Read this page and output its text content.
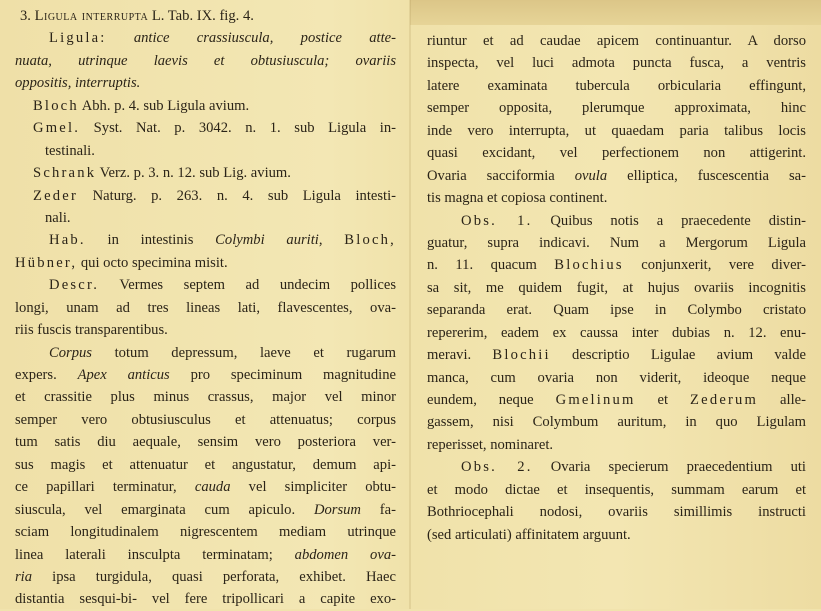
3. Ligula interrupta L. Tab. IX. fig. 4.
Ligula: antice crassiuscula, postice atte-
nuata, utrinque laevis et obtusiuscula; ovariis
oppositis, interruptis.
Bloch Abh. p. 4. sub Ligula avium.
Gmel. Syst. Nat. p. 3042. n. 1. sub Ligula in-
testinali.
Schrank Verz. p. 3. n. 12. sub Lig. avium.
Zeder Naturg. p. 263. n. 4. sub Ligula intesti-
nali.
Hab. in intestinis Colymbi auriti, Bloch,
Hübner, qui octo specimina misit.
Descr. Vermes septem ad undecim pollices
longi, unam ad tres lineas lati, flavescentes, ova-
riis fuscis transparentibus.
Corpus totum depressum, laeve et rugarum
expers. Apex anticus pro speciminum magnitudine
et crassitie plus minus crassus, major vel minor
semper vero obtusiusculus et attenuatus; corpus
tum satis diu aequale, sensim vero posteriora ver-
sus magis et attenuatur et angustatur, demum api-
ce papillari terminatur, cauda vel simpliciter obtu-
siuscula, vel emarginata cum apiculo. Dorsum fa-
sciam longitudinalem nigrescentem mediam utrinque
linea laterali insculpta terminatam; abdomen ova-
ria ipsa turgidula, quasi perforata, exhibet. Haec
distantia sesqui-bi- vel fere tripollicari a capite exo-
riuntur et ad caudae apicem continuantur. A dorso
inspecta, vel luci admota puncta fusca, a ventris
latere examinata tubercula orbicularia effingunt,
semper opposita, plerumque approximata, hinc
inde vero interrupta, ut quaedam paria talibus locis
quasi excidant, vel perfectionem non attigerint.
Ovaria sacciformia ovula elliptica, fuscescentia sa-
tis magna et copiosa continent.
Obs. 1. Quibus notis a praecedente distin-
guatur, supra indicavi. Num a Mergorum Ligula
n. 11. quacum Blochius conjunxerit, vere diver-
sa sit, me quidem fugit, at hujus ovariis incognitis
separanda erat. Quam ipse in Colymbo cristato
repererim, eadem ex caussa inter dubias n. 12. enu-
meravi. Blochii descriptio Ligulae avium valde
manca, cum ovaria non viderit, ideoque neque
eundem, neque Gmelinum et Zederum alle-
gassem, nisi Colymbum auritum, in quo Ligulam
reperisset, nominaret.
Obs. 2. Ovaria specierum praecedentium uti
et modo dictae et insequentis, summam earum et
Bothriocephali nodosi, ovariis simillimis instructi
(sed articulati) affinitatem arguunt.
